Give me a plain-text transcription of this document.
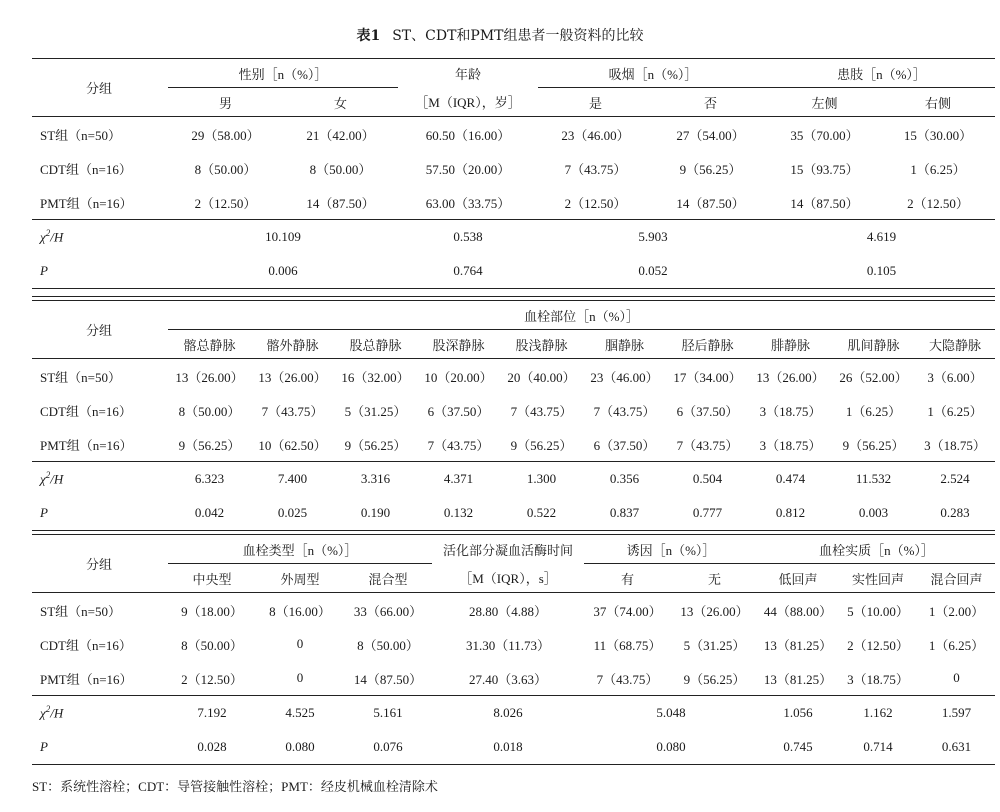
表1 ST、CDT和PMT组患者一般资料的比较
分组	性别［n（%）］		年龄	吸烟［n（%）］		患肢［n（%）］	
	男	女	［M（IQR），岁］	是	否	左侧	右侧
ST组（n=50）	29（58.00）	21（42.00）	60.50（16.00）	23（46.00）	27（54.00）	35（70.00）	15（30.00）
CDT组（n=16）	8（50.00）	8（50.00）	57.50（20.00）	7（43.75）	9（56.25）	15（93.75）	1（6.25）
PMT组（n=16）	2（12.50）	14（87.50）	63.00（33.75）	2（12.50）	14（87.50）	14（87.50）	2（12.50）
$\chi^2/H$	10.109		0.538	5.903		4.619	
P	0.006		0.764	0.052		0.105	
分组	血栓部位［n（%）］									
	髂总静脉	髂外静脉	股总静脉	股深静脉	股浅静脉	腘静脉	胫后静脉	腓静脉	肌间静脉	大隐静脉
ST组（n=50）	13（26.00）	13（26.00）	16（32.00）	10（20.00）	20（40.00）	23（46.00）	17（34.00）	13（26.00）	26（52.00）	3（6.00）
CDT组（n=16）	8（50.00）	7（43.75）	5（31.25）	6（37.50）	7（43.75）	7（43.75）	6（37.50）	3（18.75）	1（6.25）	1（6.25）
PMT组（n=16）	9（56.25）	10（62.50）	9（56.25）	7（43.75）	9（56.25）	6（37.50）	7（43.75）	3（18.75）	9（56.25）	3（18.75）
$\chi^2/H$	6.323	7.400	3.316	4.371	1.300	0.356	0.504	0.474	11.532	2.524
P	0.042	0.025	0.190	0.132	0.522	0.837	0.777	0.812	0.003	0.283
分组	血栓类型［n（%）］			活化部分凝血活酶时间	诱因［n（%）］		血栓实质［n（%）］		
	中央型	外周型	混合型	［M（IQR），s］	有	无	低回声	实性回声	混合回声
ST组（n=50）	9（18.00）	8（16.00）	33（66.00）	28.80（4.88）	37（74.00）	13（26.00）	44（88.00）	5（10.00）	1（2.00）
CDT组（n=16）	8（50.00）	0	8（50.00）	31.30（11.73）	11（68.75）	5（31.25）	13（81.25）	2（12.50）	1（6.25）
PMT组（n=16）	2（12.50）	0	14（87.50）	27.40（3.63）	7（43.75）	9（56.25）	13（81.25）	3（18.75）	0
$\chi^2/H$	7.192	4.525	5.161	8.026	5.048		1.056	1.162	1.597
P	0.028	0.080	0.076	0.018	0.080		0.745	0.714	0.631
ST：系统性溶栓；CDT：导管接触性溶栓；PMT：经皮机械血栓清除术
